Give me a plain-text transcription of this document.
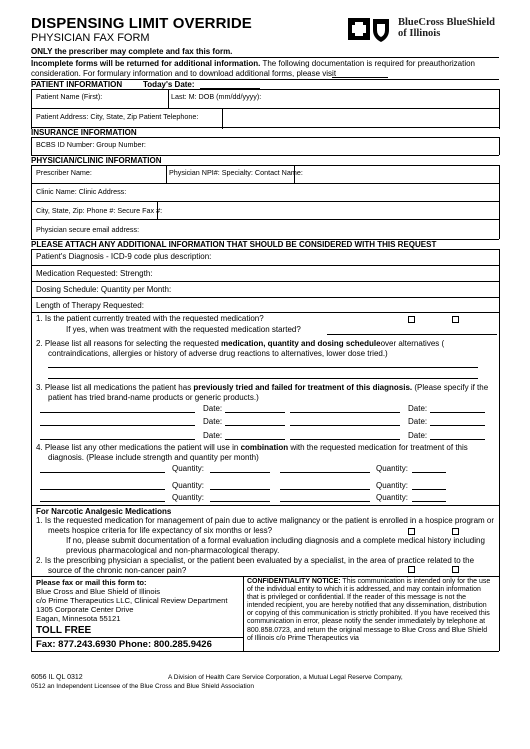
DISPENSING LIMIT OVERRIDE
PHYSICIAN FAX FORM
BlueCross BlueShield
of Illinois
ONLY the prescriber may complete and fax this form.
Incomplete forms will be returned for additional information. The following documentation is required for preauthorization
consideration. For formulary information and to download additional forms, please visit
PATIENT INFORMATION	Today's Date:
Patient Name (First):	Last: M: DOB (mm/dd/yyyy):
Patient Address: City, State, Zip Patient Telephone:
INSURANCE INFORMATION
BCBS ID Number: Group Number:
PHYSICIAN/CLINIC INFORMATION
Prescriber Name:	Physician NPI#: Specialty: Contact Name:
Clinic Name: Clinic Address:
City, State, Zip: Phone #: Secure Fax #:
Physician secure email address:
PLEASE ATTACH ANY ADDITIONAL INFORMATION THAT SHOULD BE CONSIDERED WITH THIS REQUEST
Patient's Diagnosis - ICD-9 code plus description:
Medication Requested: Strength:
Dosing Schedule: Quantity per Month:
Length of Therapy Requested:
1. Is the patient currently treated with the requested medication?
If yes, when was treatment with the requested medication started?
2. Please list all reasons for selecting the requested medication, quantity and dosing scheduleover alternatives (
contraindications, allergies or history of adverse drug reactions to alternatives, lower dose tried.)
3. Please list all medications the patient has previously tried and failed for treatment of this diagnosis. (Please specify if the
patient has tried brand-name products or generic products.)
Date:	Date:
Date:	Date:
Date:	Date:
4. Please list any other medications the patient will use in combination with the requested medication for treatment of this
diagnosis. (Please include strength and quantity per month)
Quantity:	Quantity:
Quantity:	Quantity:
Quantity:	Quantity:
For Narcotic Analgesic Medications
1. Is the requested medication for management of pain due to active malignancy or the patient is enrolled in a hospice program or
meets hospice criteria for life expectancy of six months or less?
If no, please submit documentation of a formal evaluation including diagnosis and a complete medical history including
previous pharmacological and non-pharmacological therapy.
2. Is the prescribing physician a specialist, or the patient been evaluated by a specialist, in the area of practice related to the
source of the chronic non-cancer pain?
Please fax or mail this form to:
Blue Cross and Blue Shield of Illinois
c/o Prime Therapeutics LLC, Clinical Review Department
1305 Corporate Center Drive
Eagan, Minnesota 55121
TOLL FREE
Fax: 877.243.6930 Phone: 800.285.9426
CONFIDENTIALITY NOTICE: This communication is intended only for the use
of the individual entity to which it is addressed, and may contain information
that is privileged or confidential. If the reader of this message is not the
intended recipient, you are hereby notified that any dissemination, distribution
or copying of this communication is strictly prohibited. If you have received this
communication in error, please notify the sender immediately by telephone at
800.858.0723, and return the original message to Blue Cross and Blue Shield
of Illinois c/o Prime Therapeutics via
6056 IL QL 0312	A Division of Health Care Service Corporation, a Mutual Legal Reserve Company,
0512 an Independent Licensee of the Blue Cross and Blue Shield Association
